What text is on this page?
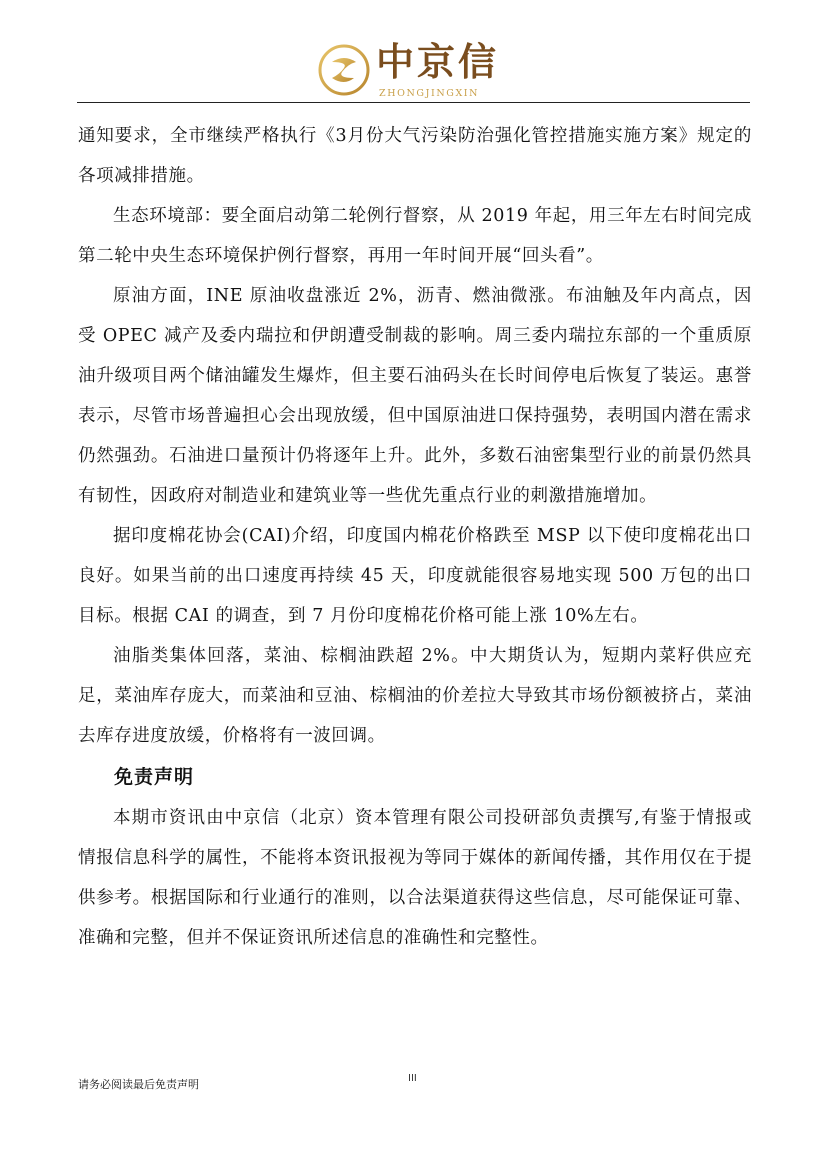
中京信
ZHONGJINGXIN

通知要求，全市继续严格执行《3月份大气污染防治强化管控措施实施方案》规定的各项减排措施。

生态环境部：要全面启动第二轮例行督察，从 2019 年起，用三年左右时间完成第二轮中央生态环境保护例行督察，再用一年时间开展“回头看”。

原油方面，INE 原油收盘涨近 2%，沥青、燃油微涨。布油触及年内高点，因受 OPEC 减产及委内瑞拉和伊朗遭受制裁的影响。周三委内瑞拉东部的一个重质原油升级项目两个储油罐发生爆炸，但主要石油码头在长时间停电后恢复了装运。惠誉表示，尽管市场普遍担心会出现放缓，但中国原油进口保持强势，表明国内潜在需求仍然强劲。石油进口量预计仍将逐年上升。此外，多数石油密集型行业的前景仍然具有韧性，因政府对制造业和建筑业等一些优先重点行业的刺激措施增加。

据印度棉花协会(CAI)介绍，印度国内棉花价格跌至 MSP 以下使印度棉花出口良好。如果当前的出口速度再持续 45 天，印度就能很容易地实现 500 万包的出口目标。根据 CAI 的调查，到 7 月份印度棉花价格可能上涨 10%左右。

油脂类集体回落，菜油、棕榈油跌超 2%。中大期货认为，短期内菜籽供应充足，菜油库存庞大，而菜油和豆油、棕榈油的价差拉大导致其市场份额被挤占，菜油去库存进度放缓，价格将有一波回调。

免责声明

本期市资讯由中京信（北京）资本管理有限公司投研部负责撰写,有鉴于情报或情报信息科学的属性，不能将本资讯报视为等同于媒体的新闻传播，其作用仅在于提供参考。根据国际和行业通行的准则，以合法渠道获得这些信息，尽可能保证可靠、准确和完整，但并不保证资讯所述信息的准确性和完整性。

请务必阅读最后免责声明	III
